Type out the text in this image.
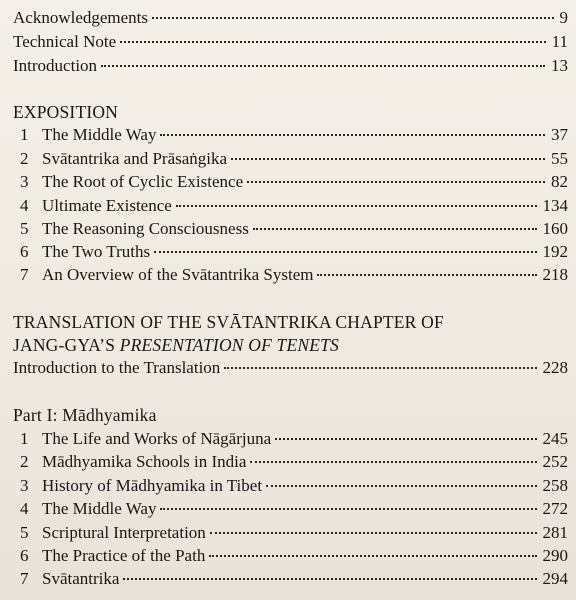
Acknowledgements	9
Technical Note	11
Introduction	13
EXPOSITION
1 The Middle Way	37
2 Svātantrika and Prāsaṅgika	55
3 The Root of Cyclic Existence	82
4 Ultimate Existence	134
5 The Reasoning Consciousness	160
6 The Two Truths	192
7 An Overview of the Svātantrika System	218
TRANSLATION OF THE SVĀTANTRIKA CHAPTER OF
JANG-GYA’S PRESENTATION OF TENETS
Introduction to the Translation	228
Part I: Mādhyamika
1 The Life and Works of Nāgārjuna	245
2 Mādhyamika Schools in India	252
3 History of Mādhyamika in Tibet	258
4 The Middle Way	272
5 Scriptural Interpretation	281
6 The Practice of the Path	290
7 Svātantrika	294
